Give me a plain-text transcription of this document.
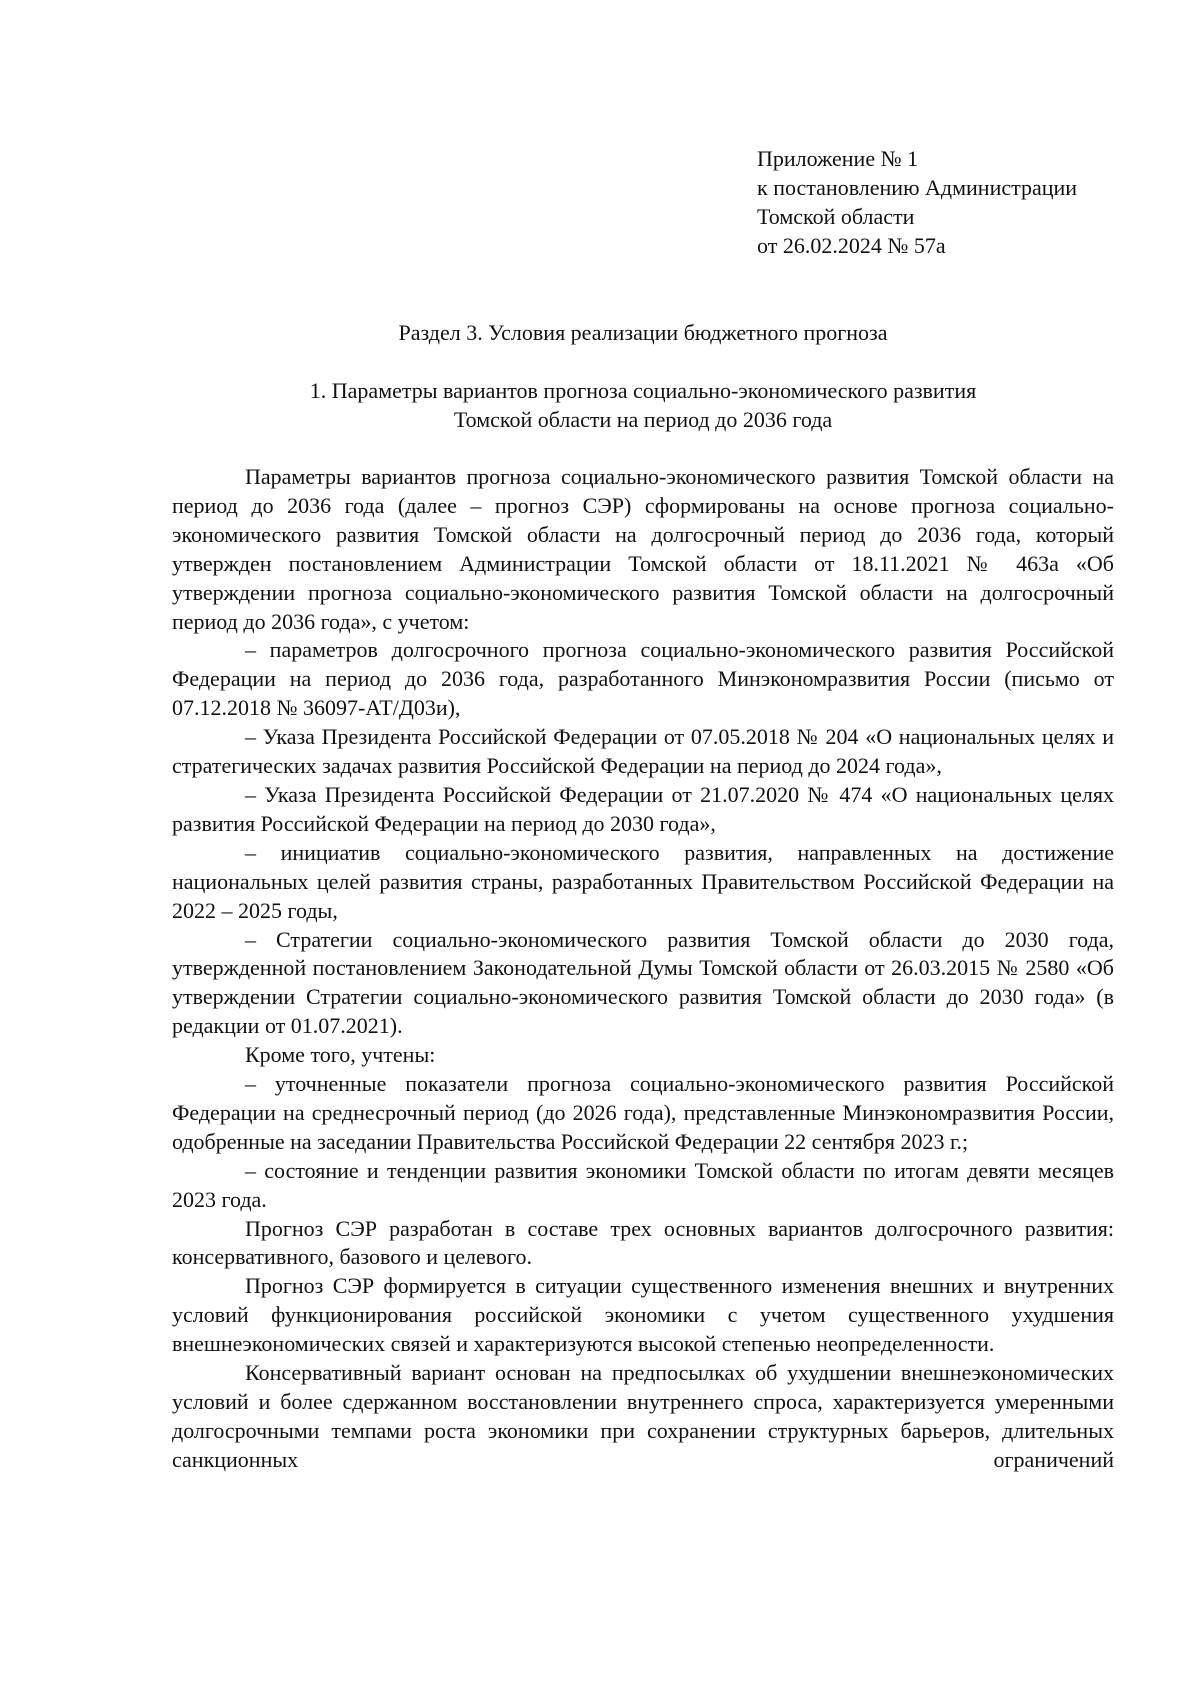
Приложение № 1
к постановлению Администрации
Томской области
от 26.02.2024 № 57а
Раздел 3. Условия реализации бюджетного прогноза
1. Параметры вариантов прогноза социально-экономического развития
Томской области на период до 2036 года

Параметры вариантов прогноза социально-экономического развития Томской области на период до 2036 года (далее – прогноз СЭР) сформированы на основе прогноза социально-экономического развития Томской области на долгосрочный период до 2036 года, который утвержден постановлением Администрации Томской области от 18.11.2021 № 463а «Об утверждении прогноза социально-экономического развития Томской области на долгосрочный период до 2036 года», с учетом:

– параметров долгосрочного прогноза социально-экономического развития Российской Федерации на период до 2036 года, разработанного Минэкономразвития России (письмо от 07.12.2018 № 36097-АТ/Д03и),

– Указа Президента Российской Федерации от 07.05.2018 № 204 «О национальных целях и стратегических задачах развития Российской Федерации на период до 2024 года»,

– Указа Президента Российской Федерации от 21.07.2020 № 474 «О национальных целях развития Российской Федерации на период до 2030 года»,

– инициатив социально-экономического развития, направленных на достижение национальных целей развития страны, разработанных Правительством Российской Федерации на 2022 – 2025 годы,

– Стратегии социально-экономического развития Томской области до 2030 года, утвержденной постановлением Законодательной Думы Томской области от 26.03.2015 № 2580 «Об утверждении Стратегии социально-экономического развития Томской области до 2030 года» (в редакции от 01.07.2021).

Кроме того, учтены:

– уточненные показатели прогноза социально-экономического развития Российской Федерации на среднесрочный период (до 2026 года), представленные Минэкономразвития России, одобренные на заседании Правительства Российской Федерации 22 сентября 2023 г.;

– состояние и тенденции развития экономики Томской области по итогам девяти месяцев 2023 года.

Прогноз СЭР разработан в составе трех основных вариантов долгосрочного развития: консервативного, базового и целевого.

Прогноз СЭР формируется в ситуации существенного изменения внешних и внутренних условий функционирования российской экономики с учетом существенного ухудшения внешнеэкономических связей и характеризуются высокой степенью неопределенности.

Консервативный вариант основан на предпосылках об ухудшении внешнеэкономических условий и более сдержанном восстановлении внутреннего спроса, характеризуется умеренными долгосрочными темпами роста экономики при сохранении структурных барьеров, длительных санкционных ограничений
